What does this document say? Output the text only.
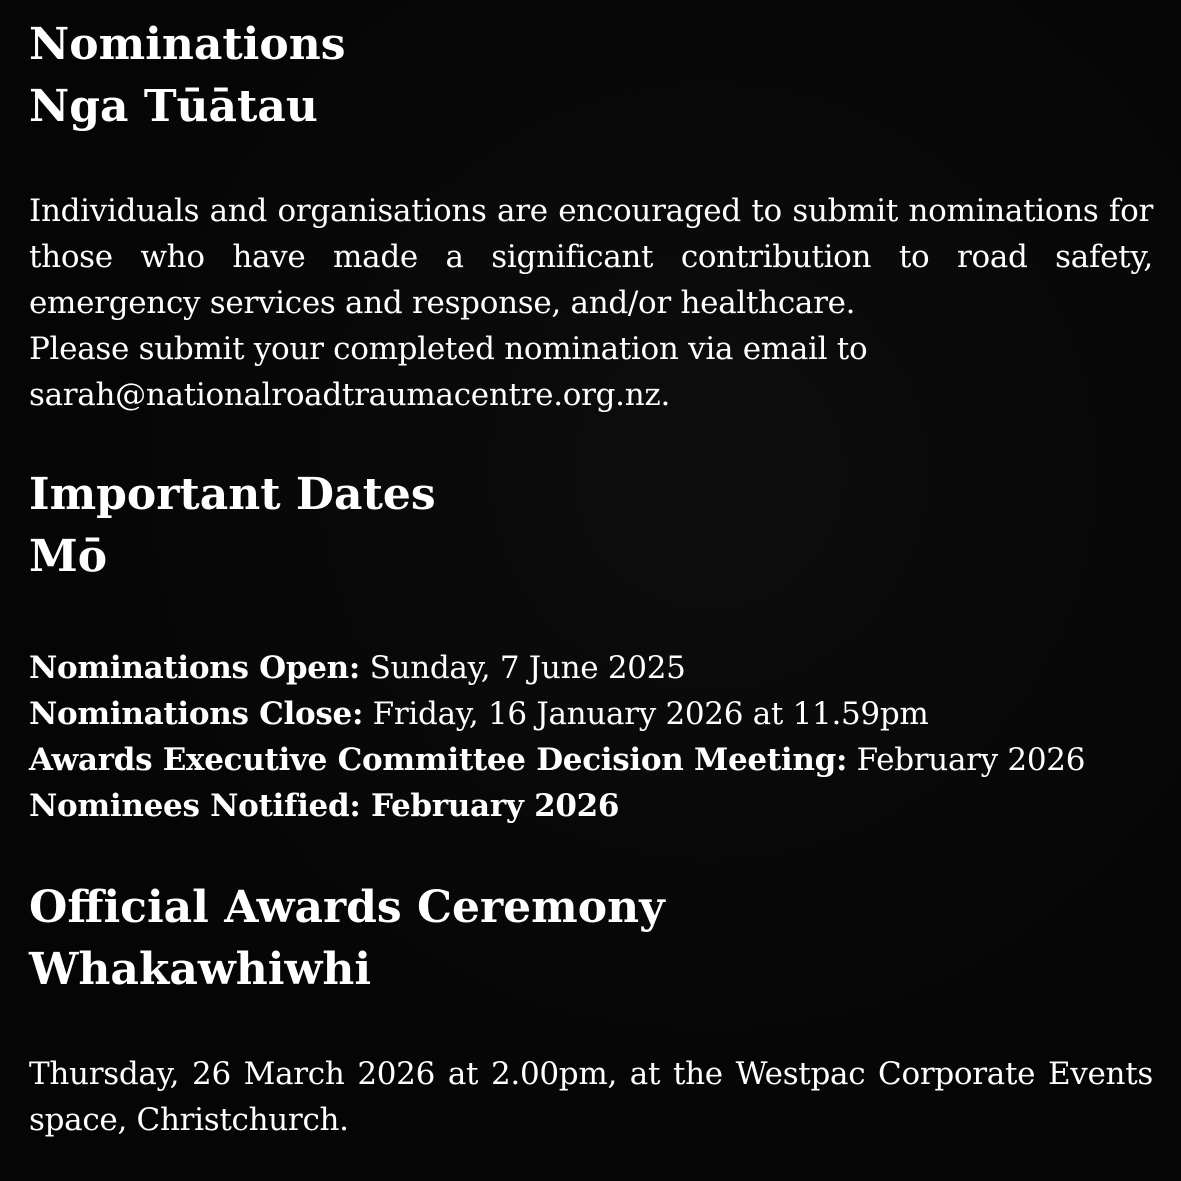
Nominations
Nga Tūātau

Individuals and organisations are encouraged to submit nominations for those who have made a significant contribution to road safety, emergency services and response, and/or healthcare.
Please submit your completed nomination via email to
sarah@nationalroadtraumacentre.org.nz.

Important Dates
Mō
Nominations Open: Sunday, 7 June 2025
Nominations Close: Friday, 16 January 2026 at 11.59pm
Awards Executive Committee Decision Meeting: February 2026
Nominees Notified: February 2026
Official Awards Ceremony
Whakawhiwhi

Thursday, 26 March 2026 at 2.00pm, at the Westpac Corporate Events space, Christchurch.
